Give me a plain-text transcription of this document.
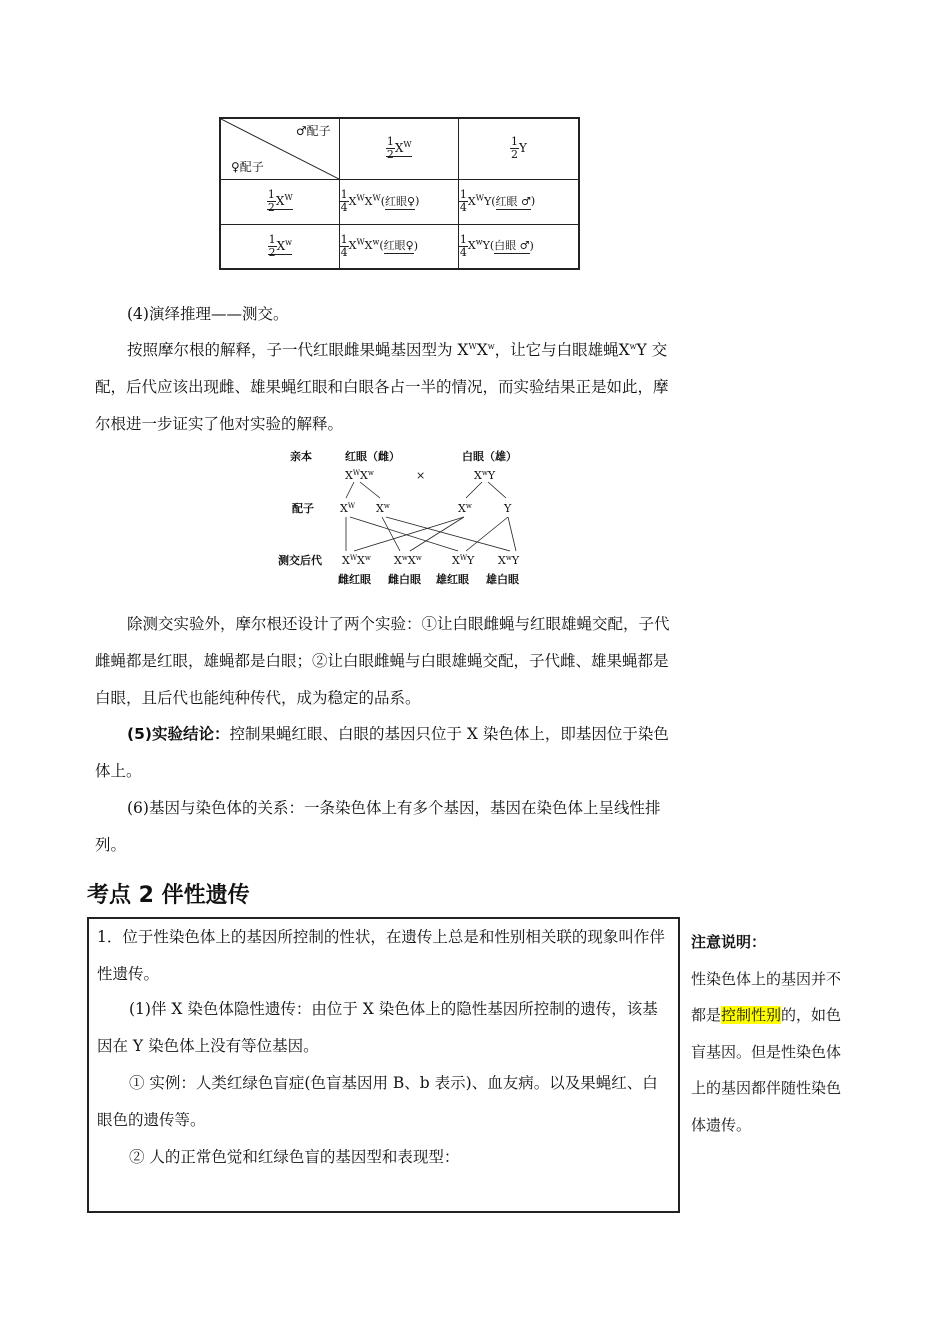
♂配子
♀配子	$\frac{1}{2} X^W$	$\frac{1}{2}$ Y

$\frac{1}{2} X^W$	$\frac{1}{4} X^WX^W$(红眼♀)	$\frac{1}{4} X^WY$(红眼 ♂)

$\frac{1}{2} X^w$	$\frac{1}{4} X^WX^w$(红眼♀)	$\frac{1}{4} X^wY$(白眼 ♂)
(4)演绎推理——测交。
按照摩尔根的解释，子一代红眼雌果蝇基因型为 $X^WX^w$，让它与白眼雄蝇$X^wY$ 交配，后代应该出现雌、雄果蝇红眼和白眼各占一半的情况，而实验结果正是如此，摩尔根进一步证实了他对实验的解释。
亲本	红眼（雌）	白眼（雄）
$X^WX^w$	×	$X^wY$
配子 $X^W$ $X^w$	$X^w$	Y
测交后代 $X^WX^w$ $X^wX^w$	$X^WY$ $X^wY$
雌红眼 雌白眼 雄红眼 雄白眼
除测交实验外，摩尔根还设计了两个实验：①让白眼雌蝇与红眼雄蝇交配，子代雌蝇都是红眼，雄蝇都是白眼；②让白眼雌蝇与白眼雄蝇交配，子代雌、雄果蝇都是白眼，且后代也能纯种传代，成为稳定的品系。
(5)实验结论：控制果蝇红眼、白眼的基因只位于 X 染色体上，即基因位于染色体上。
(6)基因与染色体的关系：一条染色体上有多个基因，基因在染色体上呈线性排列。
考点 2 伴性遗传
1．位于性染色体上的基因所控制的性状，在遗传上总是和性别相关联的现象叫作伴性遗传。
(1)伴 X 染色体隐性遗传：由位于 X 染色体上的隐性基因所控制的遗传，该基因在 Y 染色体上没有等位基因。
① 实例：人类红绿色盲症(色盲基因用 B、b 表示)、血友病。以及果蝇红、白眼色的遗传等。
② 人的正常色觉和红绿色盲的基因型和表现型：
注意说明：
性染色体上的基因并不都是控制性别的，如色盲基因。但是性染色体上的基因都伴随性染色体遗传。
